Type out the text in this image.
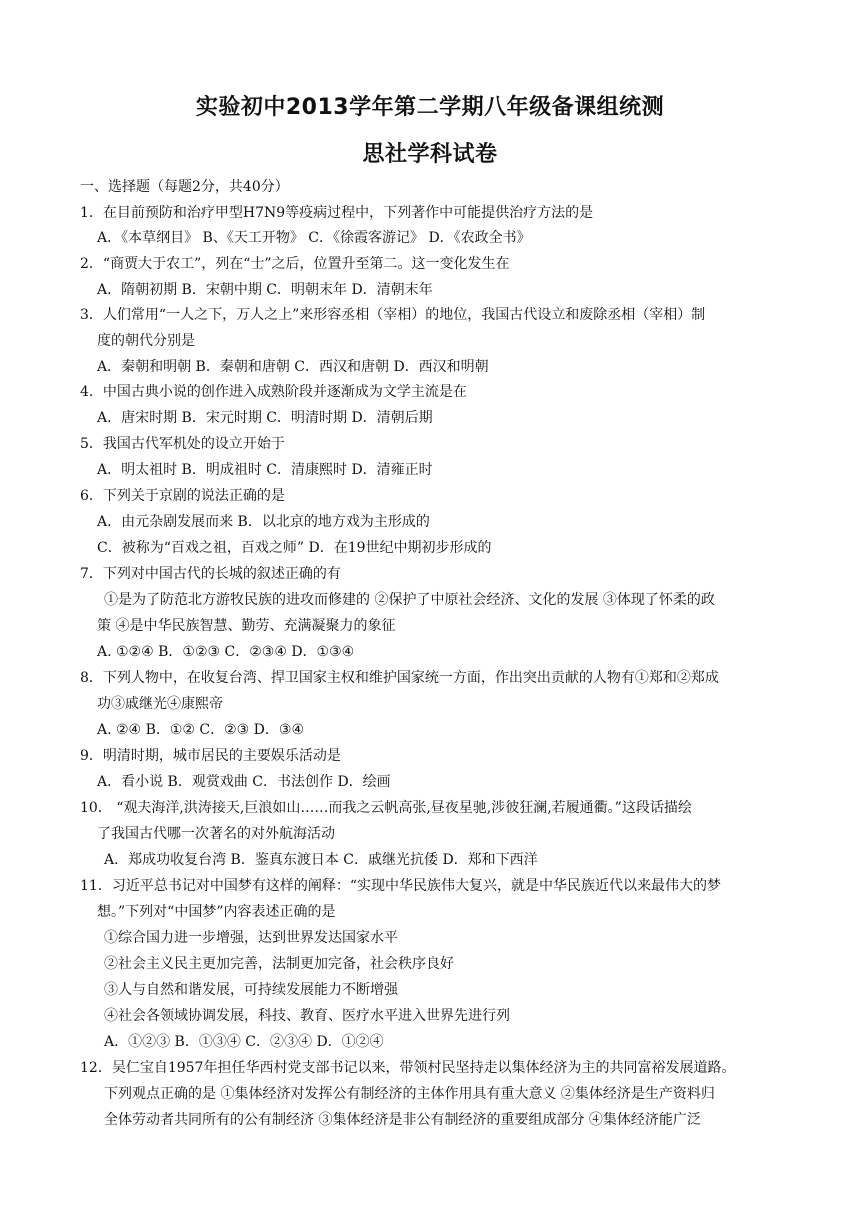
实验初中2013学年第二学期八年级备课组统测
思社学科试卷
一、选择题（每题2分，共40分）
1．在目前预防和治疗甲型H7N9等疫病过程中，下列著作中可能提供治疗方法的是
A．《本草纲目》 B、《天工开物》 C．《徐霞客游记》 D．《农政全书》
2．“商贾大于农工”，列在“士”之后，位置升至第二。这一变化发生在
A．隋朝初期 B．宋朝中期 C．明朝末年 D．清朝末年
3．人们常用“一人之下，万人之上”来形容丞相（宰相）的地位，我国古代设立和废除丞相（宰相）制
度的朝代分别是
A．秦朝和明朝 B．秦朝和唐朝 C．西汉和唐朝 D．西汉和明朝
4．中国古典小说的创作进入成熟阶段并逐渐成为文学主流是在
A．唐宋时期 B．宋元时期 C．明清时期 D．清朝后期
5．我国古代军机处的设立开始于
A．明太祖时 B．明成祖时 C．清康熙时 D．清雍正时
6．下列关于京剧的说法正确的是
A．由元杂剧发展而来 B．以北京的地方戏为主形成的
C．被称为“百戏之祖，百戏之师” D．在19世纪中期初步形成的
7．下列对中国古代的长城的叙述正确的有
①是为了防范北方游牧民族的进攻而修建的 ②保护了中原社会经济、文化的发展 ③体现了怀柔的政
策 ④是中华民族智慧、勤劳、充满凝聚力的象征
A. ①②④ B．①②③ C．②③④ D．①③④
8．下列人物中，在收复台湾、捍卫国家主权和维护国家统一方面，作出突出贡献的人物有①郑和②郑成
功③戚继光④康熙帝
A. ②④ B．①② C．②③ D．③④
9．明清时期，城市居民的主要娱乐活动是
A．看小说 B．观赏戏曲 C．书法创作 D．绘画
10． “观夫海洋,洪涛接天,巨浪如山……而我之云帆高张,昼夜星驰,涉彼狂澜,若履通衢。”这段话描绘
了我国古代哪一次著名的对外航海活动
A．郑成功收复台湾 B．鉴真东渡日本 C．戚继光抗倭 D．郑和下西洋
11．习近平总书记对中国梦有这样的阐释：“实现中华民族伟大复兴，就是中华民族近代以来最伟大的梦
想。”下列对“中国梦”内容表述正确的是
①综合国力进一步增强，达到世界发达国家水平
②社会主义民主更加完善，法制更加完备，社会秩序良好
③人与自然和谐发展，可持续发展能力不断增强
④社会各领域协调发展，科技、教育、医疗水平进入世界先进行列
A．①②③ B．①③④ C．②③④ D．①②④
12．吴仁宝自1957年担任华西村党支部书记以来，带领村民坚持走以集体经济为主的共同富裕发展道路。
下列观点正确的是 ①集体经济对发挥公有制经济的主体作用具有重大意义 ②集体经济是生产资料归
全体劳动者共同所有的公有制经济 ③集体经济是非公有制经济的重要组成部分 ④集体经济能广泛
